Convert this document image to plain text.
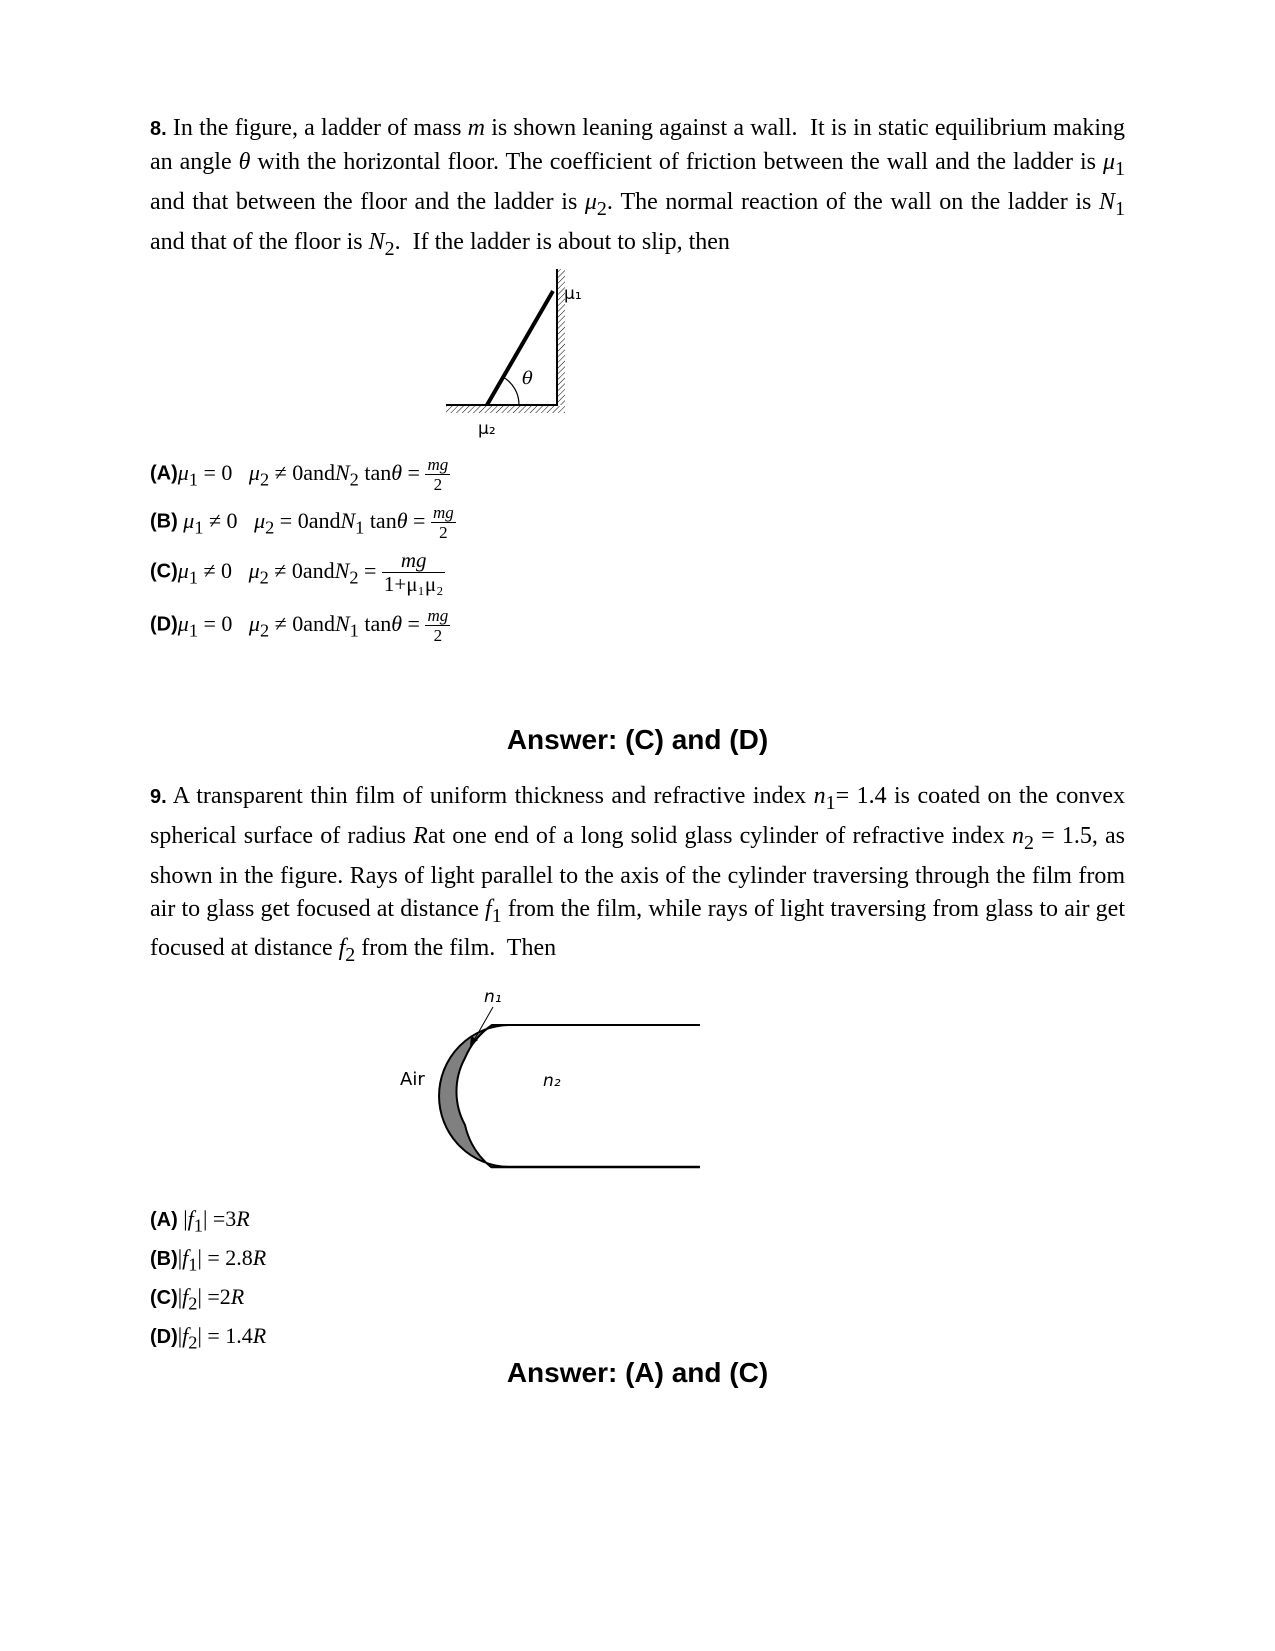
8. In the figure, a ladder of mass m is shown leaning against a wall.  It is in static equilibrium making an angle θ with the horizontal floor. The coefficient of friction between the wall and the ladder is $\mu_1$ and that between the floor and the ladder is $\mu_2$. The normal reaction of the wall on the ladder is $N_1$ and that of the floor is $N_2$.  If the ladder is about to slip, then
θ
μ₁
μ₂
$(A)\mu_1 = 0$   $\mu_2$ ≠ 0andN$_2$ $\tan\theta = \frac{mg}{2}$
(B) $\mu_1 \ne 0$   $\mu_2$ = 0andN$_1$ $\tan\theta = \frac{mg}{2}$
$(C)\mu_1 \ne 0$   $\mu_2$ ≠ 0andN$_2$ = $\frac{mg}{\text{1+μ₁μ₂}}$
$(D)\mu_1 = 0$   $\mu_2$ ≠ 0andN$_1$ $\tan\theta = \frac{mg}{2}$
Answer: (C) and (D)
9. A transparent thin film of uniform thickness and refractive index $n_1= 1.4$ is coated on the convex spherical surface of radius Rat one end of a long solid glass cylinder of refractive index $n_2 = 1.5$, as shown in the figure. Rays of light parallel to the axis of the cylinder traversing through the film from air to glass get focused at distance $f_1$ from the film, while rays of light traversing from glass to air get focused at distance $f_2$ from the film.  Then
n₁
Air	n₂
(A) $|f_1| =3R$
$(B)|f_1| = 2.8R$
$(C)|f_2| =2R$
$(D)|f_2| = 1.4R$
Answer: (A) and (C)
